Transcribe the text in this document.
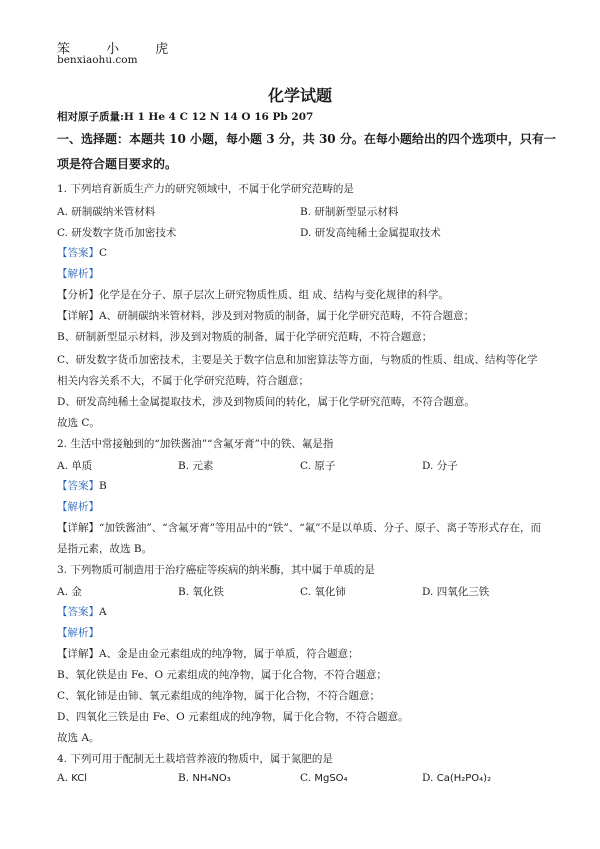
笨 小 虎
benxiaohu.com
化学试题
相对原子质量:H 1 He 4 C 12 N 14 O 16 Pb 207
一、选择题：本题共 10 小题，每小题 3 分，共 30 分。在每小题给出的四个选项中，只有一
项是符合题目要求的。
1. 下列培育新质生产力的研究领域中，不属于化学研究范畴的是
A. 研制碳纳米管材料	B. 研制新型显示材料
C. 研发数字货币加密技术	D. 研发高纯稀土金属提取技术
【答案】C
【解析】
【分析】化学是在分子、原子层次上研究物质性质、组 成、结构与变化规律的科学。
【详解】A、研制碳纳米管材料，涉及到对物质的制备，属于化学研究范畴，不符合题意；
B、研制新型显示材料，涉及到对物质的制备，属于化学研究范畴，不符合题意；
C、研发数字货币加密技术，主要是关于数字信息和加密算法等方面，与物质的性质、组成、结构等化学
相关内容关系不大，不属于化学研究范畴，符合题意；
D、研发高纯稀土金属提取技术，涉及到物质间的转化，属于化学研究范畴，不符合题意。
故选 C。
2. 生活中常接触到的“加铁酱油”“含氟牙膏”中的铁、氟是指
A. 单质	B. 元素	C. 原子	D. 分子
【答案】B
【解析】
【详解】“加铁酱油”、“含氟牙膏”等用品中的“铁”、“氟”不是以单质、分子、原子、离子等形式存在，而
是指元素，故选 B。
3. 下列物质可制造用于治疗癌症等疾病的纳米酶，其中属于单质的是
A. 金	B. 氧化铁	C. 氧化铈	D. 四氧化三铁
【答案】A
【解析】
【详解】A、金是由金元素组成的纯净物，属于单质，符合题意；
B、氧化铁是由 Fe、O 元素组成的纯净物，属于化合物，不符合题意；
C、氧化铈是由铈、氧元素组成的纯净物，属于化合物，不符合题意；
D、四氧化三铁是由 Fe、O 元素组成的纯净物，属于化合物，不符合题意。
故选 A。
4. 下列可用于配制无土栽培营养液的物质中，属于氮肥的是
A. KCl	B. NH₄NO₃	C. MgSO₄	D. Ca(H₂PO₄)₂
